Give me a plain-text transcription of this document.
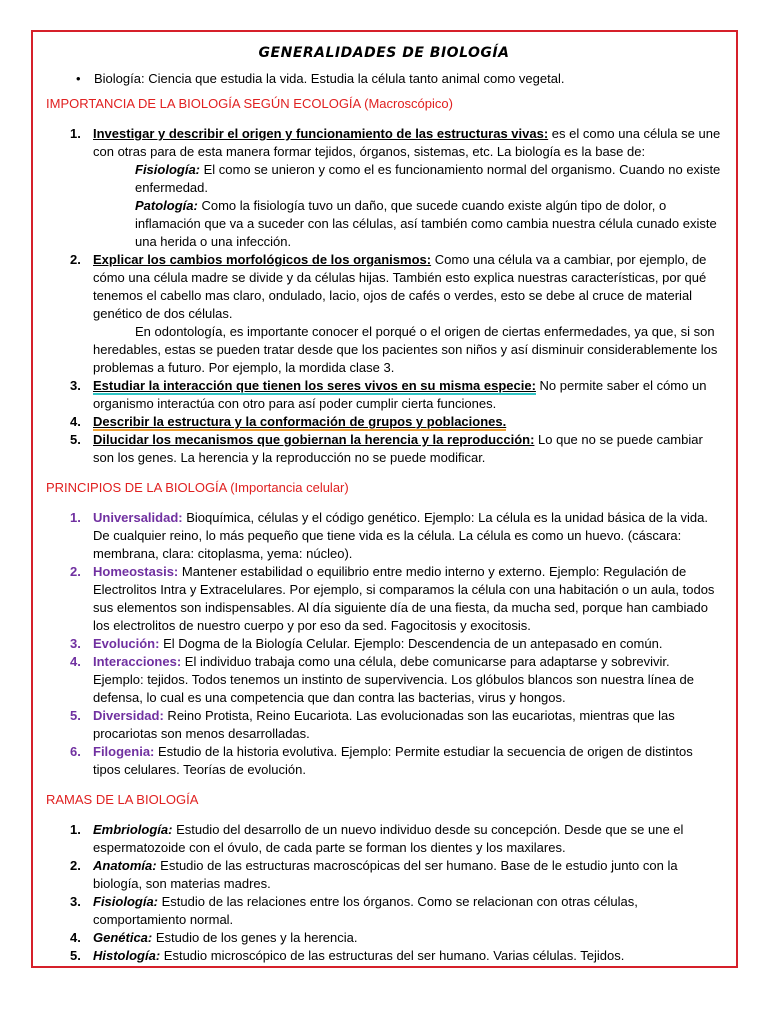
GENERALIDADES DE BIOLOGÍA
• Biología: Ciencia que estudia la vida. Estudia la célula tanto animal como vegetal.
IMPORTANCIA DE LA BIOLOGÍA SEGÚN ECOLOGÍA (Macroscópico)
1. Investigar y describir el origen y funcionamiento de las estructuras vivas: es el como una célula se une con otras para de esta manera formar tejidos, órganos, sistemas, etc. La biología es la base de:
Fisiología: El como se unieron y como el es funcionamiento normal del organismo. Cuando no existe enfermedad.
Patología: Como la fisiología tuvo un daño, que sucede cuando existe algún tipo de dolor, o inflamación que va a suceder con las células, así también como cambia nuestra célula cunado existe una herida o una infección.
2. Explicar los cambios morfológicos de los organismos: Como una célula va a cambiar, por ejemplo, de cómo una célula madre se divide y da células hijas. También esto explica nuestras características, por qué tenemos el cabello mas claro, ondulado, lacio, ojos de cafés o verdes, esto se debe al cruce de material genético de dos células.
En odontología, es importante conocer el porqué o el origen de ciertas enfermedades, ya que, si son heredables, estas se pueden tratar desde que los pacientes son niños y así disminuir considerablemente los problemas a futuro. Por ejemplo, la mordida clase 3.
3. Estudiar la interacción que tienen los seres vivos en su misma especie: No permite saber el cómo un organismo interactúa con otro para así poder cumplir cierta funciones.
4. Describir la estructura y la conformación de grupos y poblaciones.
5. Dilucidar los mecanismos que gobiernan la herencia y la reproducción: Lo que no se puede cambiar son los genes. La herencia y la reproducción no se puede modificar.
PRINCIPIOS DE LA BIOLOGÍA (Importancia celular)
1. Universalidad: Bioquímica, células y el código genético. Ejemplo: La célula es la unidad básica de la vida. De cualquier reino, lo más pequeño que tiene vida es la célula. La célula es como un huevo. (cáscara: membrana, clara: citoplasma, yema: núcleo).
2. Homeostasis: Mantener estabilidad o equilibrio entre medio interno y externo. Ejemplo: Regulación de Electrolitos Intra y Extracelulares. Por ejemplo, si comparamos la célula con una habitación o un aula, todos sus elementos son indispensables. Al día siguiente día de una fiesta, da mucha sed, porque han cambiado los electrolitos de nuestro cuerpo y por eso da sed. Fagocitosis y exocitosis.
3. Evolución: El Dogma de la Biología Celular. Ejemplo: Descendencia de un antepasado en común.
4. Interacciones: El individuo trabaja como una célula, debe comunicarse para adaptarse y sobrevivir. Ejemplo: tejidos. Todos tenemos un instinto de supervivencia. Los glóbulos blancos son nuestra línea de defensa, lo cual es una competencia que dan contra las bacterias, virus y hongos.
5. Diversidad: Reino Protista, Reino Eucariota. Las evolucionadas son las eucariotas, mientras que las procariotas son menos desarrolladas.
6. Filogenia: Estudio de la historia evolutiva. Ejemplo: Permite estudiar la secuencia de origen de distintos tipos celulares. Teorías de evolución.
RAMAS DE LA BIOLOGÍA
1. Embriología: Estudio del desarrollo de un nuevo individuo desde su concepción. Desde que se une el espermatozoide con el óvulo, de cada parte se forman los dientes y los maxilares.
2. Anatomía: Estudio de las estructuras macroscópicas del ser humano. Base de le estudio junto con la biología, son materias madres.
3. Fisiología: Estudio de las relaciones entre los órganos. Como se relacionan con otras células, comportamiento normal.
4. Genética: Estudio de los genes y la herencia.
5. Histología: Estudio microscópico de las estructuras del ser humano. Varias células. Tejidos.
